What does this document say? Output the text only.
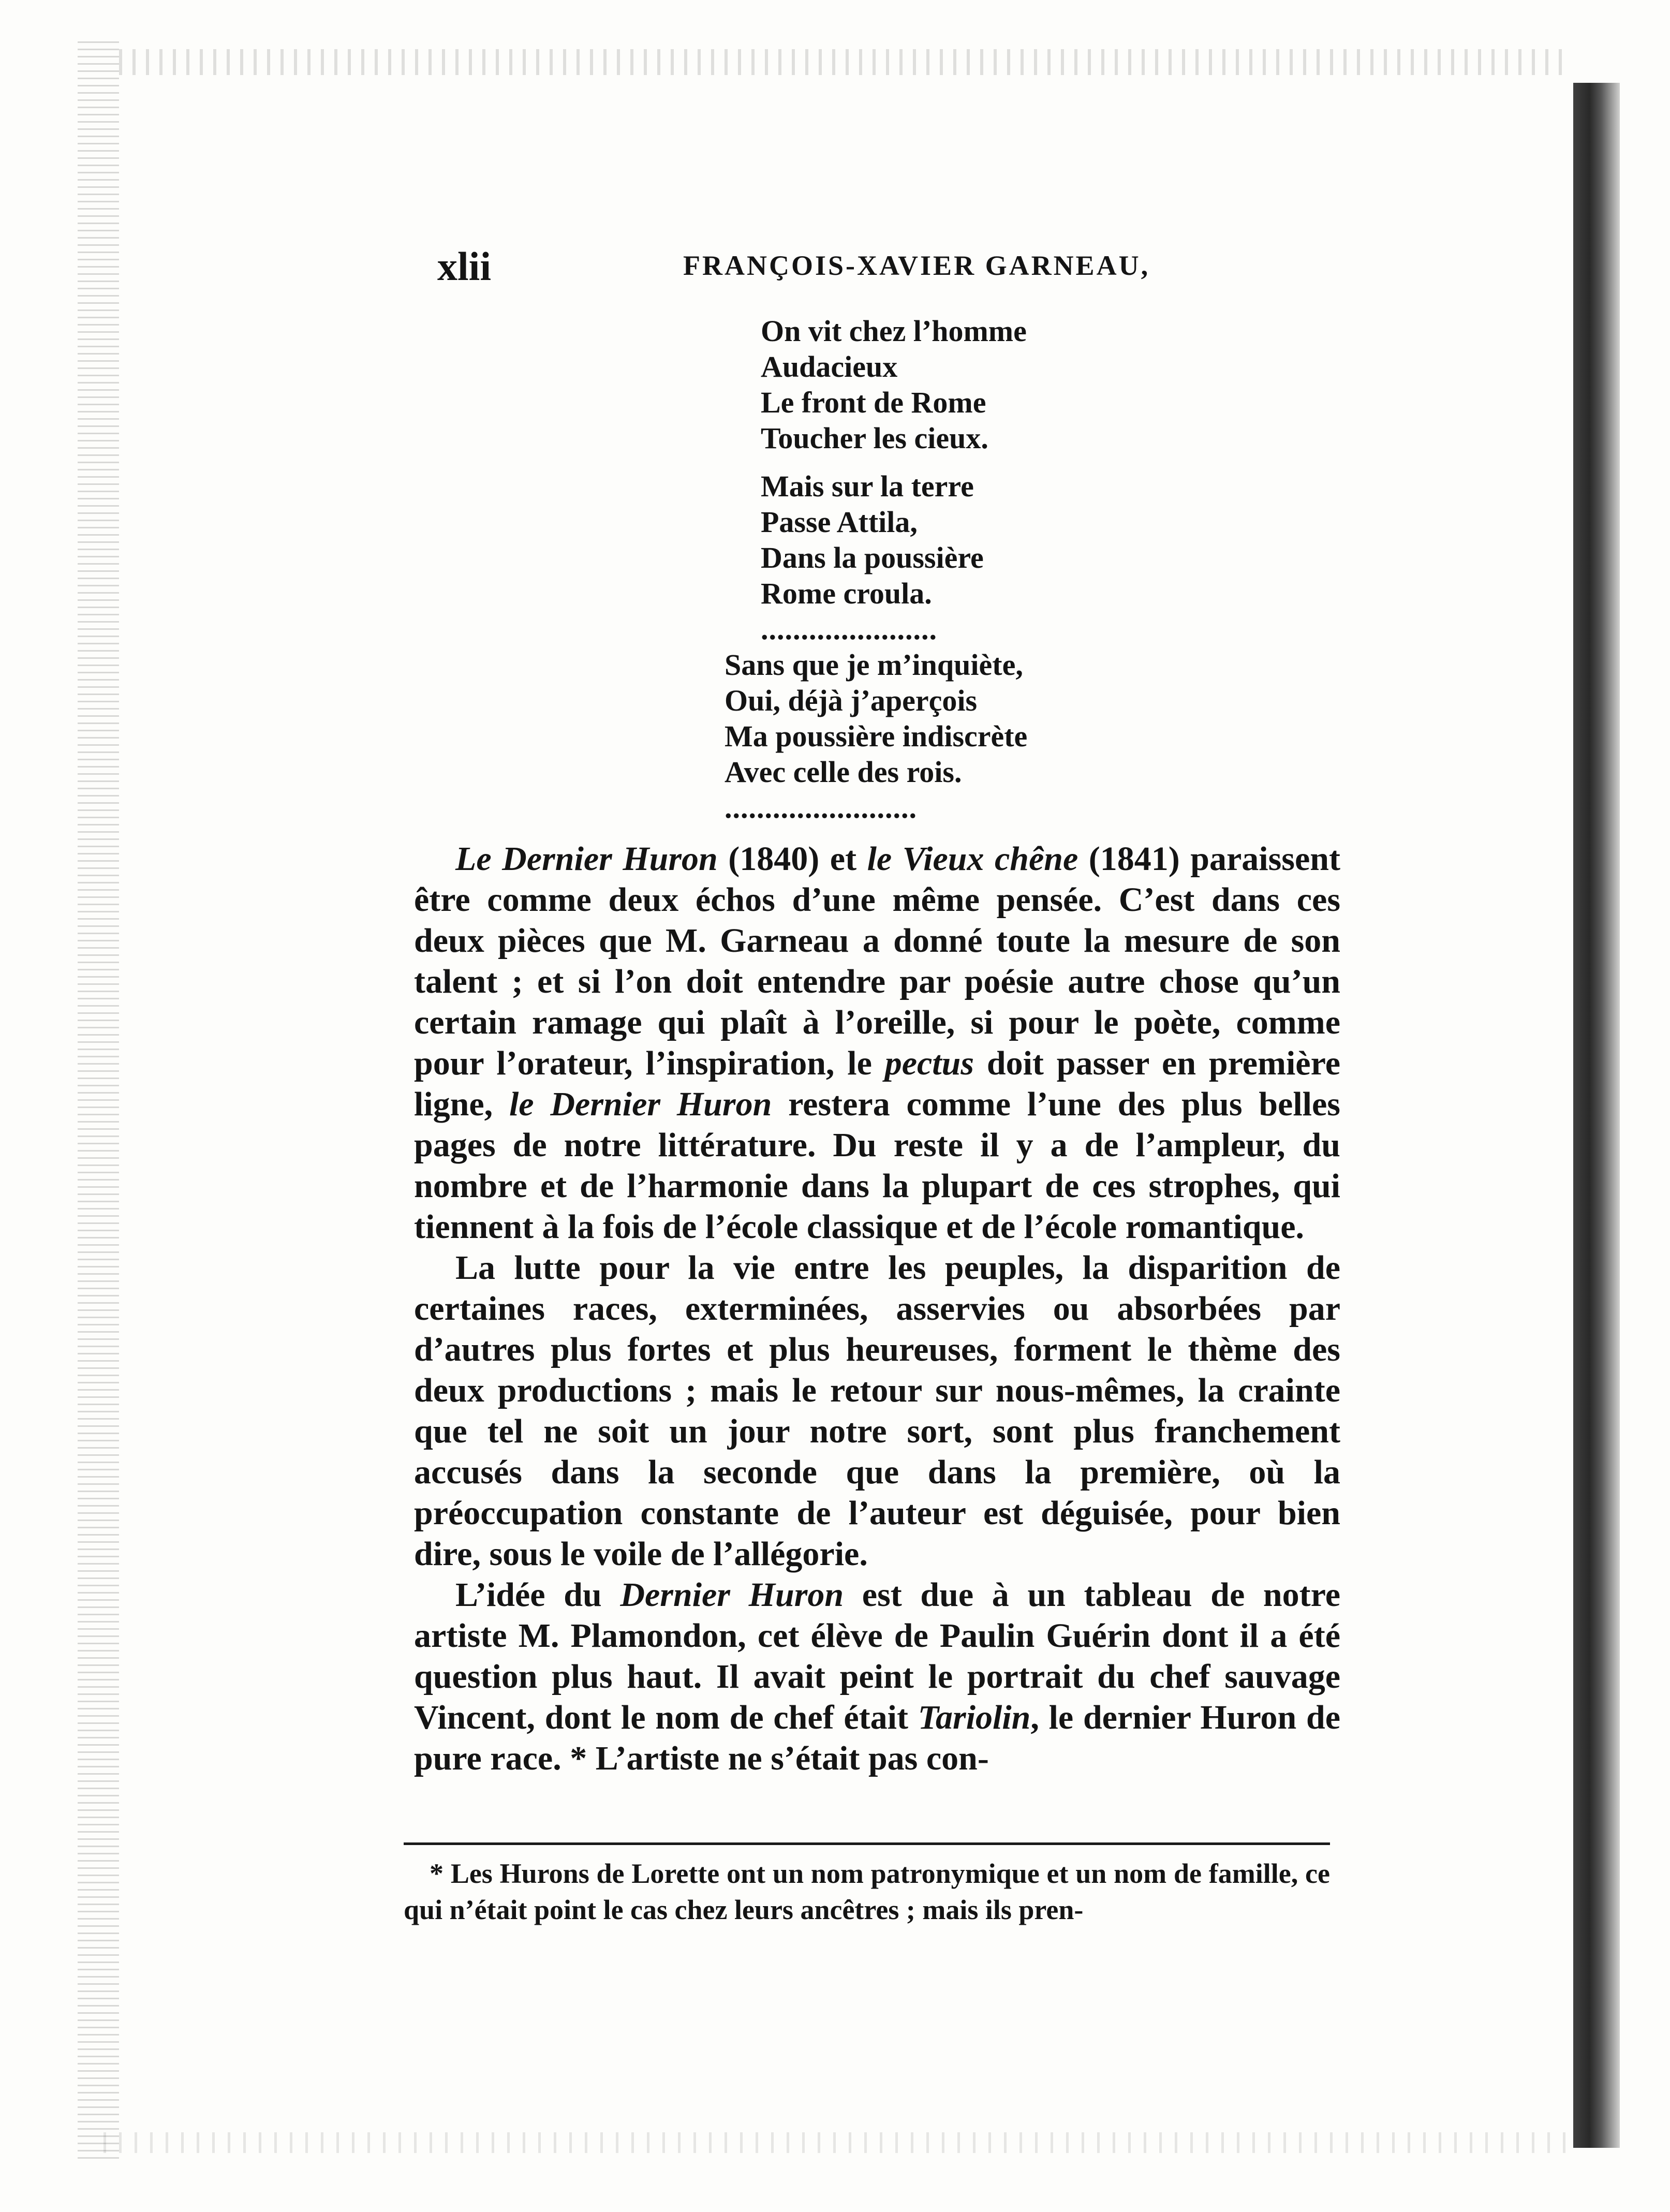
xlii	FRANÇOIS-XAVIER GARNEAU,
On vit chez l’homme
Audacieux
Le front de Rome
Toucher les cieux.
Mais sur la terre
Passe Attila,
Dans la poussière
Rome croula.
......................
Sans que je m’inquiète,
Oui, déjà j’aperçois
Ma poussière indiscrète
Avec celle des rois.
........................

Le Dernier Huron (1840) et le Vieux chêne (1841) paraissent être comme deux échos d’une même pensée. C’est dans ces deux pièces que M. Garneau a donné toute la mesure de son talent ; et si l’on doit entendre par poésie autre chose qu’un certain ramage qui plaît à l’oreille, si pour le poète, comme pour l’orateur, l’inspiration, le pectus doit passer en première ligne, le Dernier Huron restera comme l’une des plus belles pages de notre littérature. Du reste il y a de l’ampleur, du nombre et de l’harmonie dans la plupart de ces strophes, qui tiennent à la fois de l’école classique et de l’école romantique.

La lutte pour la vie entre les peuples, la disparition de certaines races, exterminées, asservies ou absorbées par d’autres plus fortes et plus heureuses, forment le thème des deux productions ; mais le retour sur nous-mêmes, la crainte que tel ne soit un jour notre sort, sont plus franchement accusés dans la seconde que dans la première, où la préoccupation constante de l’auteur est déguisée, pour bien dire, sous le voile de l’allégorie.

L’idée du Dernier Huron est due à un tableau de notre artiste M. Plamondon, cet élève de Paulin Guérin dont il a été question plus haut. Il avait peint le portrait du chef sauvage Vincent, dont le nom de chef était Tariolin, le dernier Huron de pure race. * L’artiste ne s’était pas con-

* Les Hurons de Lorette ont un nom patronymique et un nom de famille, ce qui n’était point le cas chez leurs ancêtres ; mais ils pren-
